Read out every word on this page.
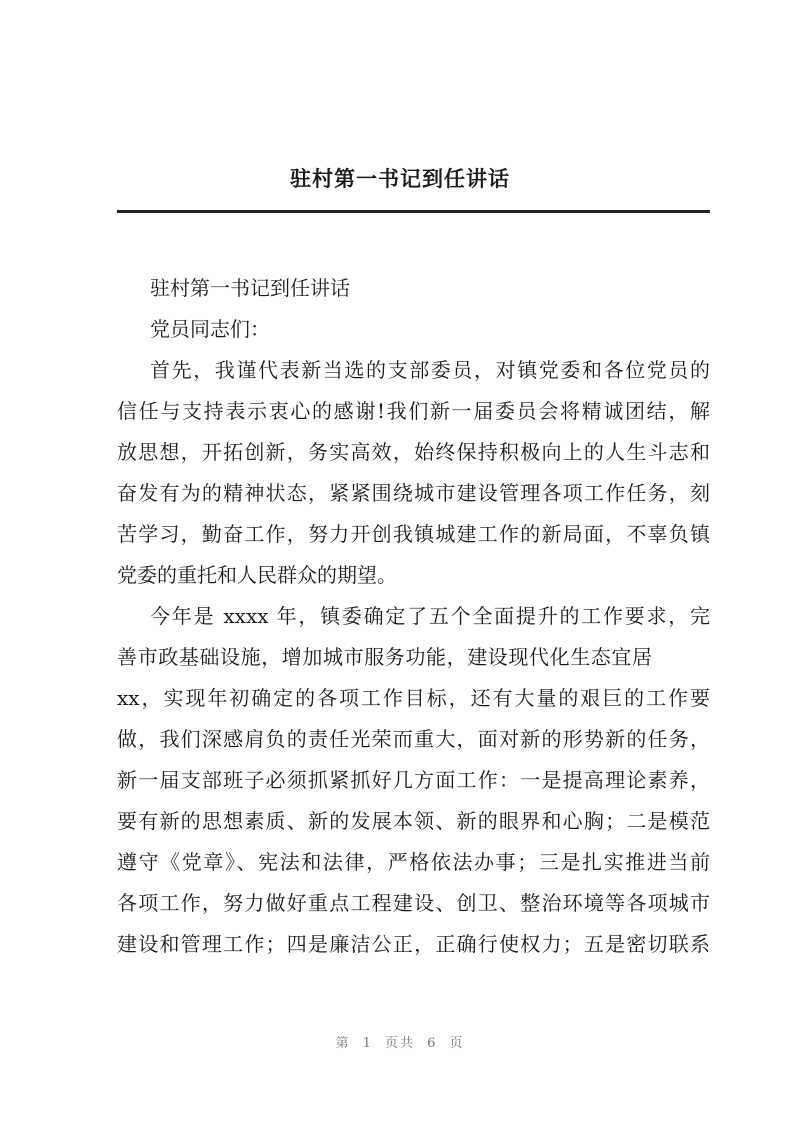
驻村第一书记到任讲话
驻村第一书记到任讲话
党员同志们：
首先，我谨代表新当选的支部委员，对镇党委和各位党员的
信任与支持表示衷心的感谢!我们新一届委员会将精诚团结，解
放思想，开拓创新，务实高效，始终保持积极向上的人生斗志和
奋发有为的精神状态，紧紧围绕城市建设管理各项工作任务，刻
苦学习，勤奋工作，努力开创我镇城建工作的新局面，不辜负镇
党委的重托和人民群众的期望。
今年是 xxxx 年，镇委确定了五个全面提升的工作要求，完
善市政基础设施，增加城市服务功能，建设现代化生态宜居
xx，实现年初确定的各项工作目标，还有大量的艰巨的工作要
做，我们深感肩负的责任光荣而重大，面对新的形势新的任务，
新一届支部班子必须抓紧抓好几方面工作：一是提高理论素养，
要有新的思想素质、新的发展本领、新的眼界和心胸；二是模范
遵守《党章》、宪法和法律，严格依法办事；三是扎实推进当前
各项工作，努力做好重点工程建设、创卫、整治环境等各项城市
建设和管理工作；四是廉洁公正，正确行使权力；五是密切联系
第 1 页共 6 页
